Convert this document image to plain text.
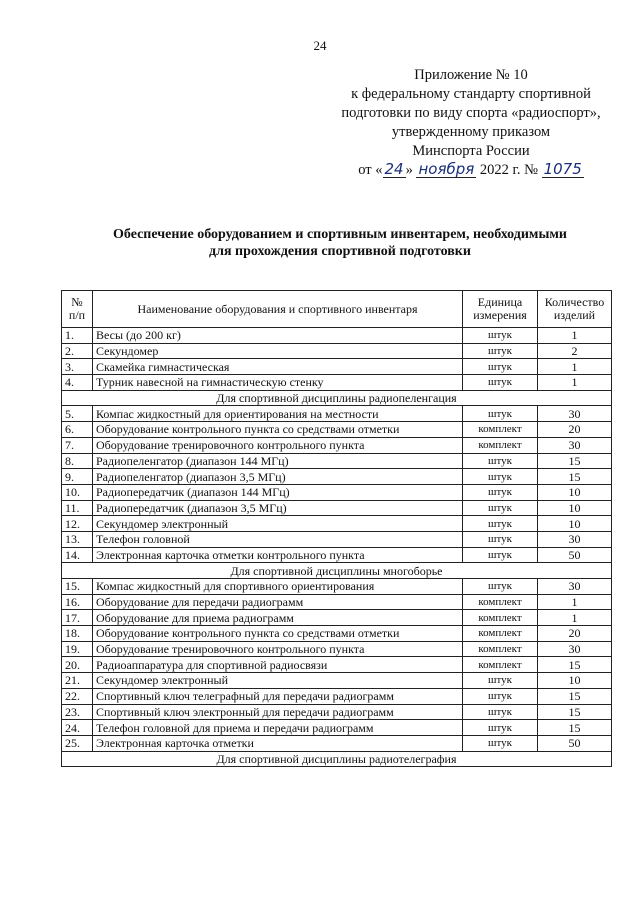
24
Приложение № 10
к федеральному стандарту спортивной
подготовки по виду спорта «радиоспорт»,
утвержденному приказом
Минспорта России
от « 24 » ноября 2022 г. № 1075
Обеспечение оборудованием и спортивным инвентарем, необходимыми
для прохождения спортивной подготовки
№ п/п	Наименование оборудования и спортивного инвентаря	Единица измерения	Количество изделий
1.	Весы (до 200 кг)	штук	1
2.	Секундомер	штук	2
3.	Скамейка гимнастическая	штук	1
4.	Турник навесной на гимнастическую стенку	штук	1
Для спортивной дисциплины радиопеленгация			
5.	Компас жидкостный для ориентирования на местности	штук	30
6.	Оборудование контрольного пункта со средствами отметки	комплект	20
7.	Оборудование тренировочного контрольного пункта	комплект	30
8.	Радиопеленгатор (диапазон 144 МГц)	штук	15
9.	Радиопеленгатор (диапазон 3,5 МГц)	штук	15
10.	Радиопередатчик (диапазон 144 МГц)	штук	10
11.	Радиопередатчик (диапазон 3,5 МГц)	штук	10
12.	Секундомер электронный	штук	10
13.	Телефон головной	штук	30
14.	Электронная карточка отметки контрольного пункта	штук	50
Для спортивной дисциплины многоборье			
15.	Компас жидкостный для спортивного ориентирования	штук	30
16.	Оборудование для передачи радиограмм	комплект	1
17.	Оборудование для приема радиограмм	комплект	1
18.	Оборудование контрольного пункта со средствами отметки	комплект	20
19.	Оборудование тренировочного контрольного пункта	комплект	30
20.	Радиоаппаратура для спортивной радиосвязи	комплект	15
21.	Секундомер электронный	штук	10
22.	Спортивный ключ телеграфный для передачи радиограмм	штук	15
23.	Спортивный ключ электронный для передачи радиограмм	штук	15
24.	Телефон головной для приема и передачи радиограмм	штук	15
25.	Электронная карточка отметки	штук	50
Для спортивной дисциплины радиотелеграфия			
